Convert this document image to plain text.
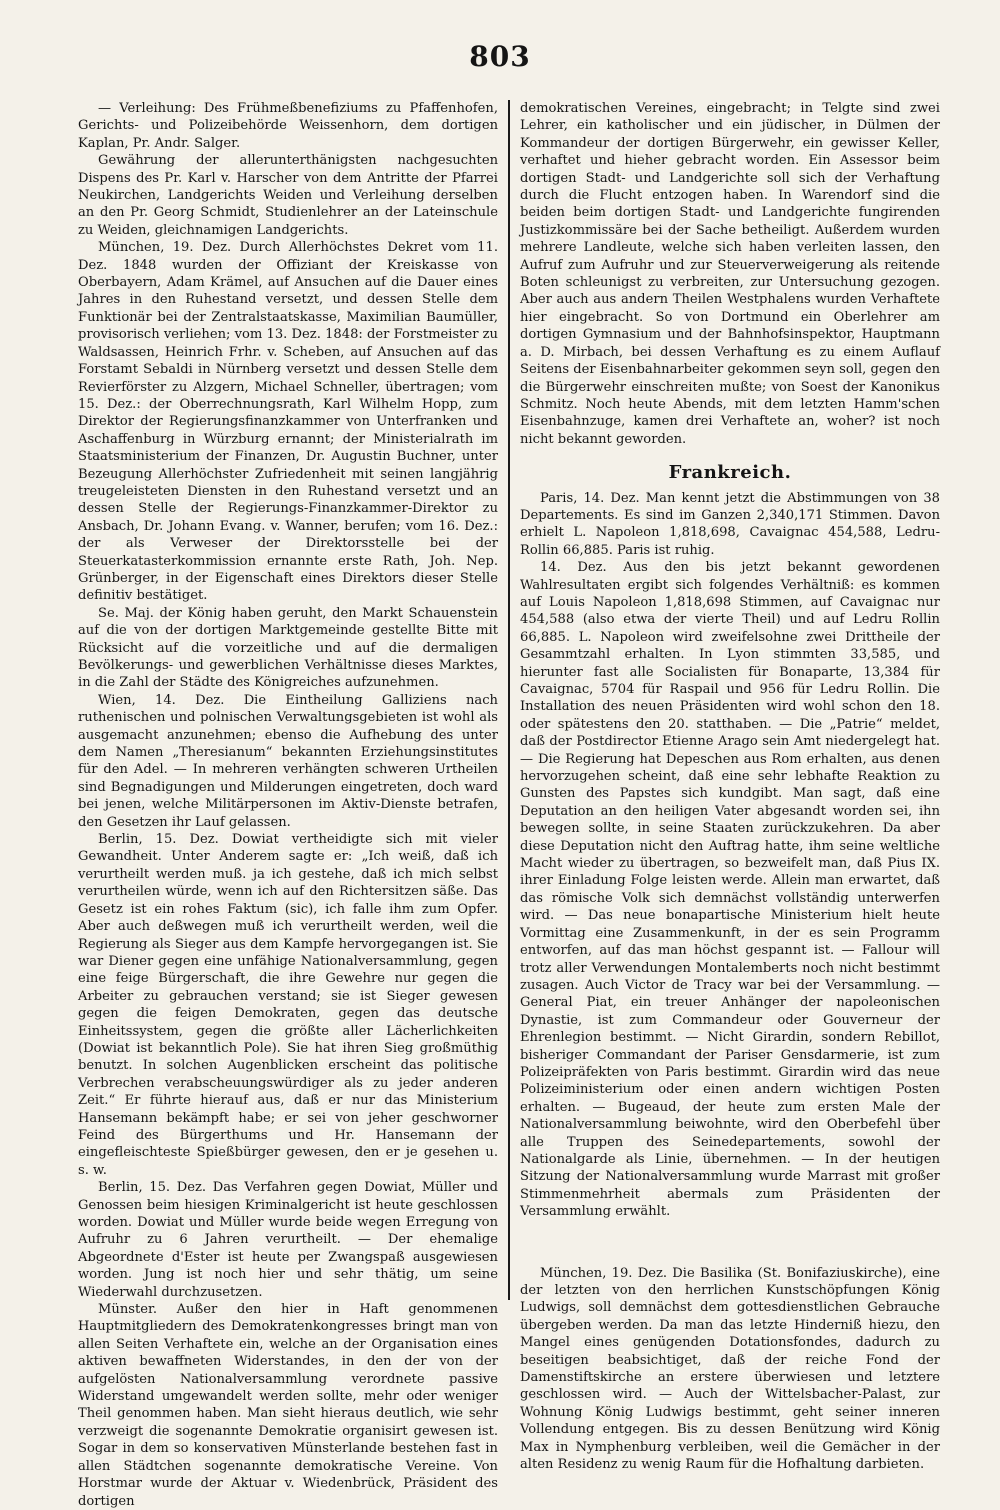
803

— Verleihung: Des Frühmeßbenefiziums zu Pfaffenhofen, Gerichts- und Polizeibehörde Weissenhorn, dem dortigen Kaplan, Pr. Andr. Salger.

Gewährung der allerunterthänigsten nachgesuchten Dispens des Pr. Karl v. Harscher von dem Antritte der Pfarrei Neukirchen, Landgerichts Weiden und Verleihung derselben an den Pr. Georg Schmidt, Studienlehrer an der Lateinschule zu Weiden, gleichnamigen Landgerichts.

München, 19. Dez. Durch Allerhöchstes Dekret vom 11. Dez. 1848 wurden der Offiziant der Kreiskasse von Oberbayern, Adam Krämel, auf Ansuchen auf die Dauer eines Jahres in den Ruhestand versetzt, und dessen Stelle dem Funktionär bei der Zentralstaatskasse, Maximilian Baumüller, provisorisch verliehen; vom 13. Dez. 1848: der Forstmeister zu Waldsassen, Heinrich Frhr. v. Scheben, auf Ansuchen auf das Forstamt Sebaldi in Nürnberg versetzt und dessen Stelle dem Revierförster zu Alzgern, Michael Schneller, übertragen; vom 15. Dez.: der Oberrechnungsrath, Karl Wilhelm Hopp, zum Direktor der Regierungsfinanzkammer von Unterfranken und Aschaffenburg in Würzburg ernannt; der Ministerialrath im Staatsministerium der Finanzen, Dr. Augustin Buchner, unter Bezeugung Allerhöchster Zufriedenheit mit seinen langjährig treugeleisteten Diensten in den Ruhestand versetzt und an dessen Stelle der Regierungs-Finanzkammer-Direktor zu Ansbach, Dr. Johann Evang. v. Wanner, berufen; vom 16. Dez.: der als Verweser der Direktorsstelle bei der Steuerkatasterkommission ernannte erste Rath, Joh. Nep. Grünberger, in der Eigenschaft eines Direktors dieser Stelle definitiv bestätiget.

Se. Maj. der König haben geruht, den Markt Schauenstein auf die von der dortigen Marktgemeinde gestellte Bitte mit Rücksicht auf die vorzeitliche und auf die dermaligen Bevölkerungs- und gewerblichen Verhältnisse dieses Marktes, in die Zahl der Städte des Königreiches aufzunehmen.

Wien, 14. Dez. Die Eintheilung Galliziens nach ruthenischen und polnischen Verwaltungsgebieten ist wohl als ausgemacht anzunehmen; ebenso die Aufhebung des unter dem Namen „Theresianum“ bekannten Erziehungsinstitutes für den Adel. — In mehreren verhängten schweren Urtheilen sind Begnadigungen und Milderungen eingetreten, doch ward bei jenen, welche Militärpersonen im Aktiv-Dienste betrafen, den Gesetzen ihr Lauf gelassen.

Berlin, 15. Dez. Dowiat vertheidigte sich mit vieler Gewandheit. Unter Anderem sagte er: „Ich weiß, daß ich verurtheilt werden muß. ja ich gestehe, daß ich mich selbst verurtheilen würde, wenn ich auf den Richtersitzen säße. Das Gesetz ist ein rohes Faktum (sic), ich falle ihm zum Opfer. Aber auch deßwegen muß ich verurtheilt werden, weil die Regierung als Sieger aus dem Kampfe hervorgegangen ist. Sie war Diener gegen eine unfähige Nationalversammlung, gegen eine feige Bürgerschaft, die ihre Gewehre nur gegen die Arbeiter zu gebrauchen verstand; sie ist Sieger gewesen gegen die feigen Demokraten, gegen das deutsche Einheitssystem, gegen die größte aller Lächerlichkeiten (Dowiat ist bekanntlich Pole). Sie hat ihren Sieg großmüthig benutzt. In solchen Augenblicken erscheint das politische Verbrechen verabscheuungswürdiger als zu jeder anderen Zeit.“ Er führte hierauf aus, daß er nur das Ministerium Hansemann bekämpft habe; er sei von jeher geschworner Feind des Bürgerthums und Hr. Hansemann der eingefleischteste Spießbürger gewesen, den er je gesehen u. s. w.

Berlin, 15. Dez. Das Verfahren gegen Dowiat, Müller und Genossen beim hiesigen Kriminalgericht ist heute geschlossen worden. Dowiat und Müller wurde beide wegen Erregung von Aufruhr zu 6 Jahren verurtheilt. — Der ehemalige Abgeordnete d'Ester ist heute per Zwangspaß ausgewiesen worden. Jung ist noch hier und sehr thätig, um seine Wiederwahl durchzusetzen.

Münster. Außer den hier in Haft genommenen Hauptmitgliedern des Demokratenkongresses bringt man von allen Seiten Verhaftete ein, welche an der Organisation eines aktiven bewaffneten Widerstandes, in den der von der aufgelösten Nationalversammlung verordnete passive Widerstand umgewandelt werden sollte, mehr oder weniger Theil genommen haben. Man sieht hieraus deutlich, wie sehr verzweigt die sogenannte Demokratie organisirt gewesen ist. Sogar in dem so konservativen Münsterlande bestehen fast in allen Städtchen sogenannte demokratische Vereine. Von Horstmar wurde der Aktuar v. Wiedenbrück, Präsident des dortigen

demokratischen Vereines, eingebracht; in Telgte sind zwei Lehrer, ein katholischer und ein jüdischer, in Dülmen der Kommandeur der dortigen Bürgerwehr, ein gewisser Keller, verhaftet und hieher gebracht worden. Ein Assessor beim dortigen Stadt- und Landgerichte soll sich der Verhaftung durch die Flucht entzogen haben. In Warendorf sind die beiden beim dortigen Stadt- und Landgerichte fungirenden Justizkommissäre bei der Sache betheiligt. Außerdem wurden mehrere Landleute, welche sich haben verleiten lassen, den Aufruf zum Aufruhr und zur Steuerverweigerung als reitende Boten schleunigst zu verbreiten, zur Untersuchung gezogen. Aber auch aus andern Theilen Westphalens wurden Verhaftete hier eingebracht. So von Dortmund ein Oberlehrer am dortigen Gymnasium und der Bahnhofsinspektor, Hauptmann a. D. Mirbach, bei dessen Verhaftung es zu einem Auflauf Seitens der Eisenbahnarbeiter gekommen seyn soll, gegen den die Bürgerwehr einschreiten mußte; von Soest der Kanonikus Schmitz. Noch heute Abends, mit dem letzten Hamm'schen Eisenbahnzuge, kamen drei Verhaftete an, woher? ist noch nicht bekannt geworden.

Frankreich.

Paris, 14. Dez. Man kennt jetzt die Abstimmungen von 38 Departements. Es sind im Ganzen 2,340,171 Stimmen. Davon erhielt L. Napoleon 1,818,698, Cavaignac 454,588, Ledru-Rollin 66,885. Paris ist ruhig.

14. Dez. Aus den bis jetzt bekannt gewordenen Wahlresultaten ergibt sich folgendes Verhältniß: es kommen auf Louis Napoleon 1,818,698 Stimmen, auf Cavaignac nur 454,588 (also etwa der vierte Theil) und auf Ledru Rollin 66,885. L. Napoleon wird zweifelsohne zwei Drittheile der Gesammtzahl erhalten. In Lyon stimmten 33,585, und hierunter fast alle Socialisten für Bonaparte, 13,384 für Cavaignac, 5704 für Raspail und 956 für Ledru Rollin. Die Installation des neuen Präsidenten wird wohl schon den 18. oder spätestens den 20. statthaben. — Die „Patrie“ meldet, daß der Postdirector Etienne Arago sein Amt niedergelegt hat. — Die Regierung hat Depeschen aus Rom erhalten, aus denen hervorzugehen scheint, daß eine sehr lebhafte Reaktion zu Gunsten des Papstes sich kundgibt. Man sagt, daß eine Deputation an den heiligen Vater abgesandt worden sei, ihn bewegen sollte, in seine Staaten zurückzukehren. Da aber diese Deputation nicht den Auftrag hatte, ihm seine weltliche Macht wieder zu übertragen, so bezweifelt man, daß Pius IX. ihrer Einladung Folge leisten werde. Allein man erwartet, daß das römische Volk sich demnächst vollständig unterwerfen wird. — Das neue bonapartische Ministerium hielt heute Vormittag eine Zusammenkunft, in der es sein Programm entworfen, auf das man höchst gespannt ist. — Fallour will trotz aller Verwendungen Montalemberts noch nicht bestimmt zusagen. Auch Victor de Tracy war bei der Versammlung. — General Piat, ein treuer Anhänger der napoleonischen Dynastie, ist zum Commandeur oder Gouverneur der Ehrenlegion bestimmt. — Nicht Girardin, sondern Rebillot, bisheriger Commandant der Pariser Gensdarmerie, ist zum Polizeipräfekten von Paris bestimmt. Girardin wird das neue Polizeiministerium oder einen andern wichtigen Posten erhalten. — Bugeaud, der heute zum ersten Male der Nationalversammlung beiwohnte, wird den Oberbefehl über alle Truppen des Seinedepartements, sowohl der Nationalgarde als Linie, übernehmen. — In der heutigen Sitzung der Nationalversammlung wurde Marrast mit großer Stimmenmehrheit abermals zum Präsidenten der Versammlung erwählt.

München, 19. Dez. Die Basilika (St. Bonifaziuskirche), eine der letzten von den herrlichen Kunstschöpfungen König Ludwigs, soll demnächst dem gottesdienstlichen Gebrauche übergeben werden. Da man das letzte Hinderniß hiezu, den Mangel eines genügenden Dotationsfondes, dadurch zu beseitigen beabsichtiget, daß der reiche Fond der Damenstiftskirche an erstere überwiesen und letztere geschlossen wird. — Auch der Wittelsbacher-Palast, zur Wohnung König Ludwigs bestimmt, geht seiner inneren Vollendung entgegen. Bis zu dessen Benützung wird König Max in Nymphenburg verbleiben, weil die Gemächer in der alten Residenz zu wenig Raum für die Hofhaltung darbieten.
